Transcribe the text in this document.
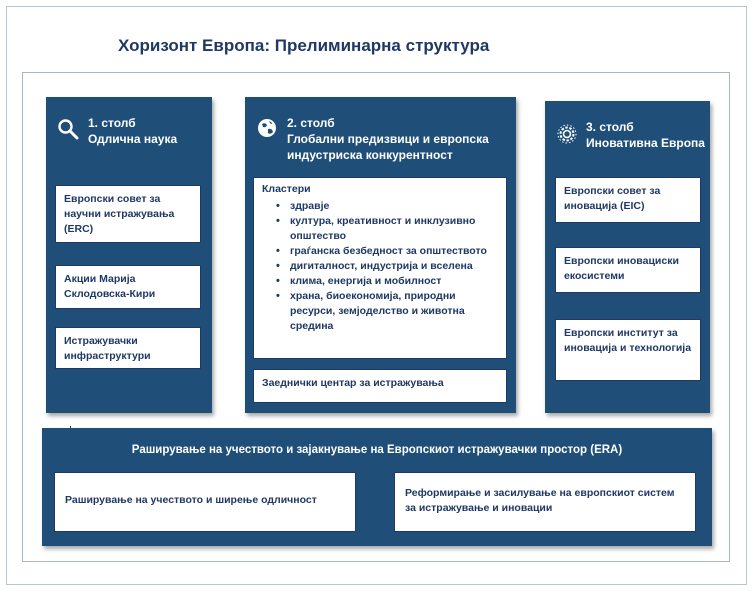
Хоризонт Европа: Прелиминарна структура
1. столб
Одлична наука
Европски совет за научни истражувања (ERC)
Акции Марија Склодовска-Кири
Истражувачки инфраструктури
2. столб
Глобални предизвици и европска индустриска конкурентност
Кластери
• здравје
• култура, креативност и инклузивно општество
• граѓанска безбедност за општеството
• дигиталност, индустрија и вселена
• клима, енергија и мобилност
• храна, биоекономија, природни ресурси, земјоделство и животна средина
Заеднички центар за истражувања
3. столб
Иновативна Европа
Европски совет за иновација (EIC)
Европски иновациски екосистеми
Европски институт за иновација и технологија
Раширување на учеството и зајакнување на Европскиот истражувачки простор (ERA)
Раширување на учеството и ширење одличност
Реформирање и засилување на европскиот систем за истражување и иновации
